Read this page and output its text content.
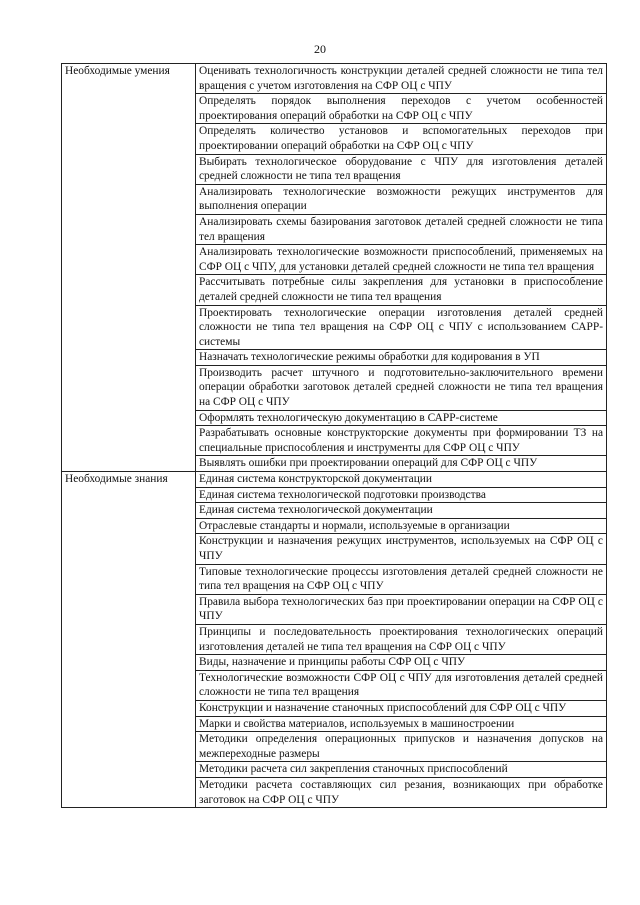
20
Необходимые умения	Оценивать технологичность конструкции деталей средней сложности не типа тел вращения с учетом изготовления на СФР ОЦ с ЧПУ

	Определять порядок выполнения переходов с учетом особенностей проектирования операций обработки на СФР ОЦ с ЧПУ

	Определять количество установов и вспомогательных переходов при проектировании операций обработки на СФР ОЦ с ЧПУ

	Выбирать технологическое оборудование с ЧПУ для изготовления деталей средней сложности не типа тел вращения

	Анализировать технологические возможности режущих инструментов для выполнения операции

	Анализировать схемы базирования заготовок деталей средней сложности не типа тел вращения

	Анализировать технологические возможности приспособлений, применяемых на СФР ОЦ с ЧПУ, для установки деталей средней сложности не типа тел вращения

	Рассчитывать потребные силы закрепления для установки в приспособление деталей средней сложности не типа тел вращения

	Проектировать технологические операции изготовления деталей средней сложности не типа тел вращения на СФР ОЦ с ЧПУ с использованием САРР-системы

	Назначать технологические режимы обработки для кодирования в УП

	Производить расчет штучного и подготовительно-заключительного времени операции обработки заготовок деталей средней сложности не типа тел вращения на СФР ОЦ с ЧПУ

	Оформлять технологическую документацию в САРР-системе

	Разрабатывать основные конструкторские документы при формировании ТЗ на специальные приспособления и инструменты для СФР ОЦ с ЧПУ

	Выявлять ошибки при проектировании операций для СФР ОЦ с ЧПУ

Необходимые знания	Единая система конструкторской документации

	Единая система технологической подготовки производства

	Единая система технологической документации

	Отраслевые стандарты и нормали, используемые в организации

	Конструкции и назначения режущих инструментов, используемых на СФР ОЦ с ЧПУ

	Типовые технологические процессы изготовления деталей средней сложности не типа тел вращения на СФР ОЦ с ЧПУ

	Правила выбора технологических баз при проектировании операции на СФР ОЦ с ЧПУ

	Принципы и последовательность проектирования технологических операций изготовления деталей не типа тел вращения на СФР ОЦ с ЧПУ

	Виды, назначение и принципы работы СФР ОЦ с ЧПУ

	Технологические возможности СФР ОЦ с ЧПУ для изготовления деталей средней сложности не типа тел вращения

	Конструкции и назначение станочных приспособлений для СФР ОЦ с ЧПУ

	Марки и свойства материалов, используемых в машиностроении

	Методики определения операционных припусков и назначения допусков на межпереходные размеры

	Методики расчета сил закрепления станочных приспособлений

	Методики расчета составляющих сил резания, возникающих при обработке заготовок на СФР ОЦ с ЧПУ
